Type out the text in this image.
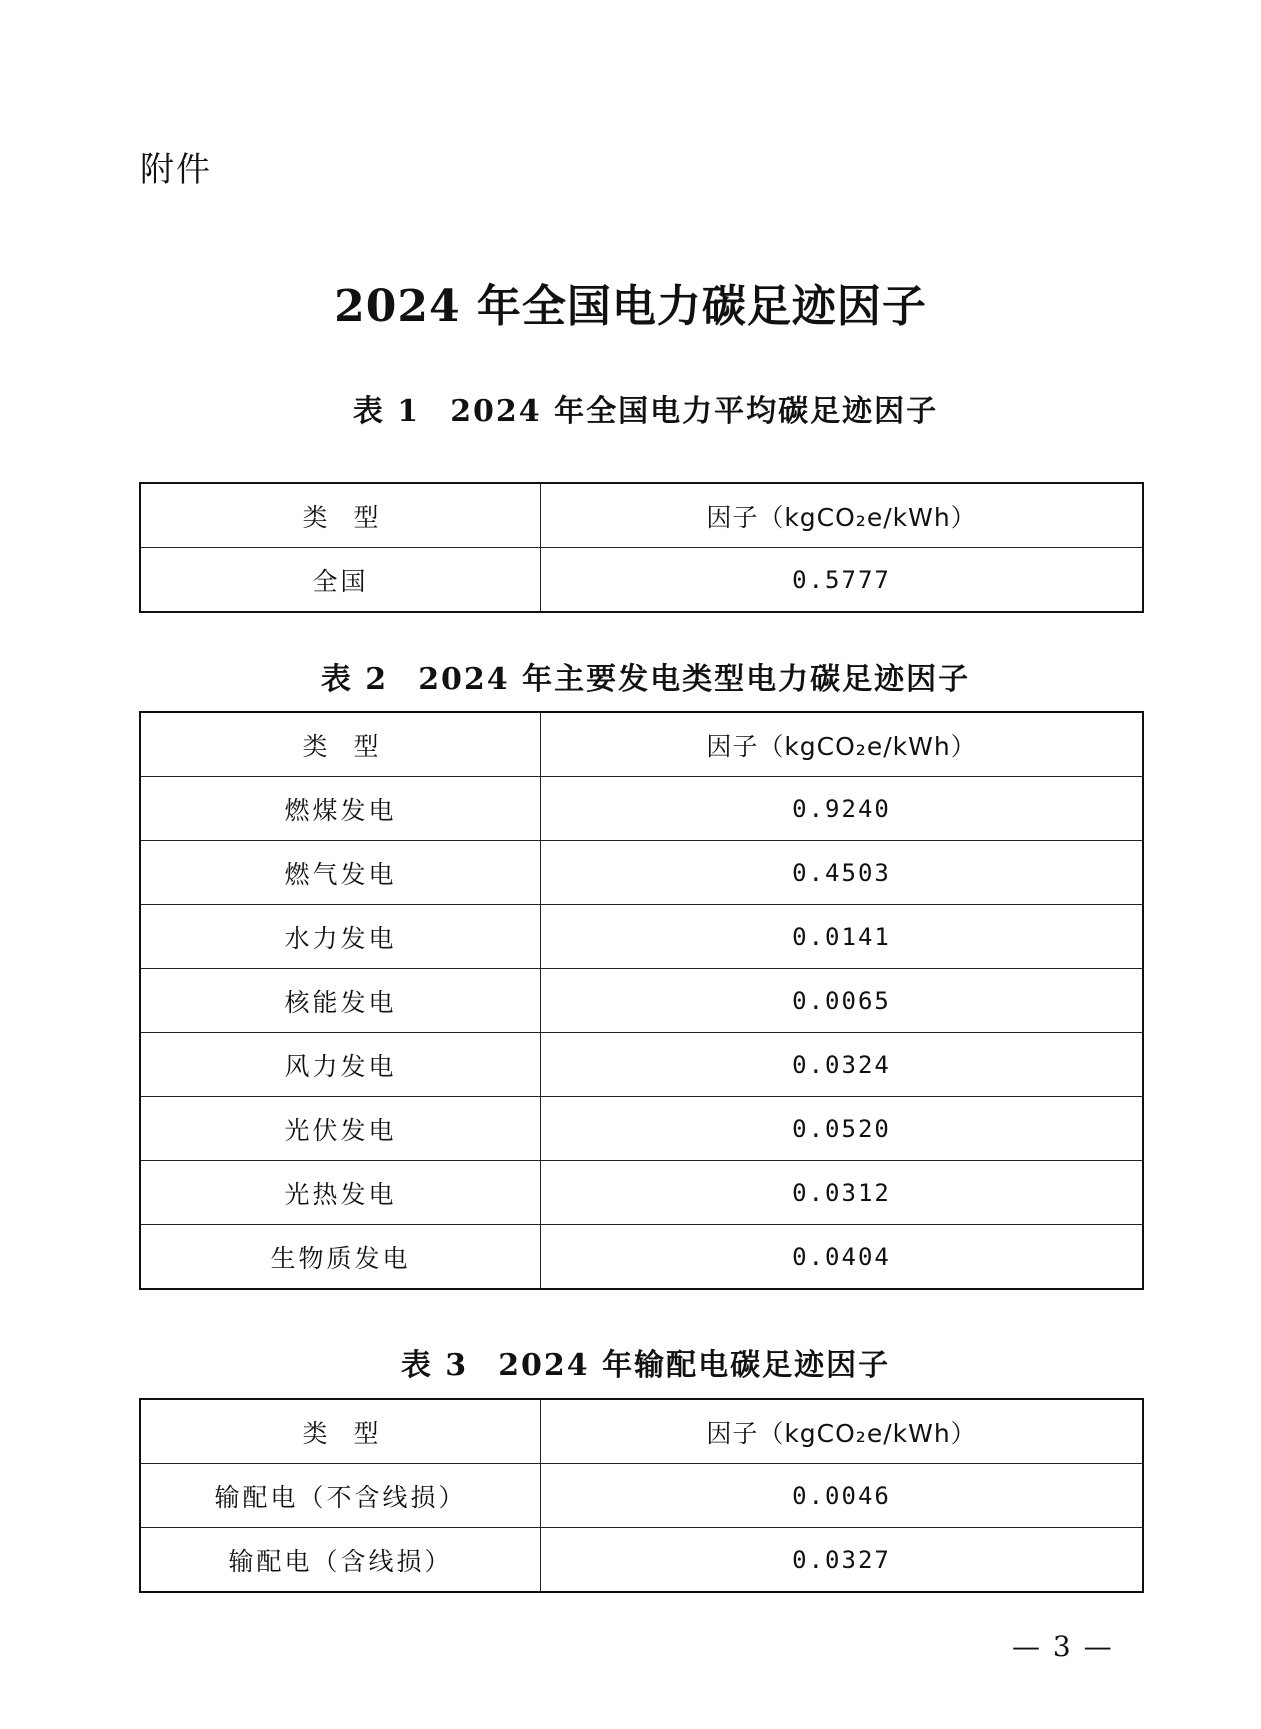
附件
2024 年全国电力碳足迹因子
表 1 2024 年全国电力平均碳足迹因子
类型	因子（kgCO₂e/kWh）
全国	0.5777
表 2 2024 年主要发电类型电力碳足迹因子
类型	因子（kgCO₂e/kWh）
燃煤发电	0.9240
燃气发电	0.4503
水力发电	0.0141
核能发电	0.0065
风力发电	0.0324
光伏发电	0.0520
光热发电	0.0312
生物质发电	0.0404
表 3 2024 年输配电碳足迹因子
类型	因子（kgCO₂e/kWh）
输配电（不含线损）	0.0046
输配电（含线损）	0.0327
— 3 —
